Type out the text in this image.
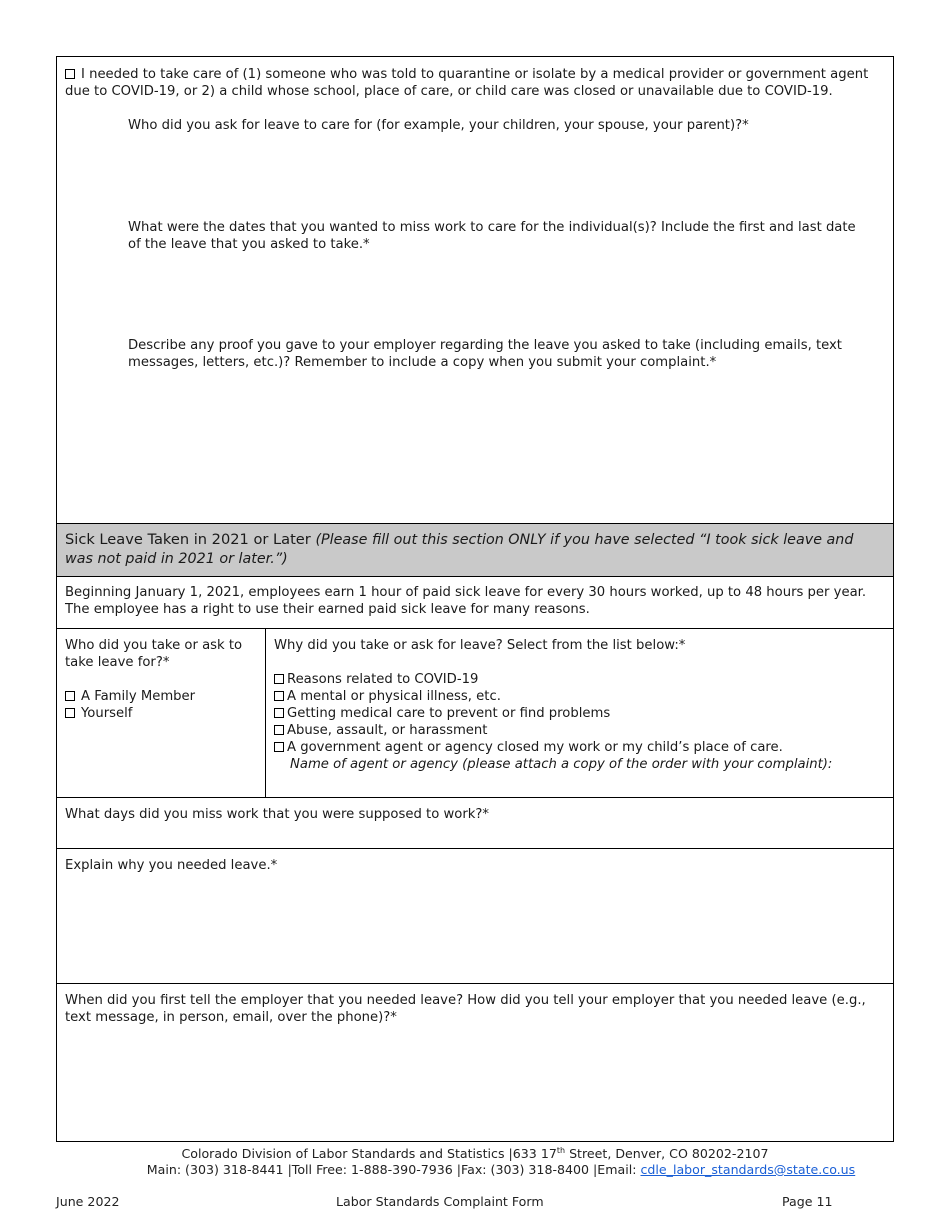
I needed to take care of (1) someone who was told to quarantine or isolate by a medical provider or government agent due to COVID-19, or 2) a child whose school, place of care, or child care was closed or unavailable due to COVID-19.

Who did you ask for leave to care for (for example, your children, your spouse, your parent)?*

What were the dates that you wanted to miss work to care for the individual(s)? Include the first and last date of the leave that you asked to take.*

Describe any proof you gave to your employer regarding the leave you asked to take (including emails, text messages, letters, etc.)? Remember to include a copy when you submit your complaint.*

Sick Leave Taken in 2021 or Later (Please fill out this section ONLY if you have selected “I took sick leave and was not paid in 2021 or later.”)

Beginning January 1, 2021, employees earn 1 hour of paid sick leave for every 30 hours worked, up to 48 hours per year. The employee has a right to use their earned paid sick leave for many reasons.

Who did you take or ask to take leave for?*

A Family Member

Yourself

Why did you take or ask for leave? Select from the list below:*

Reasons related to COVID-19

A mental or physical illness, etc.

Getting medical care to prevent or find problems

Abuse, assault, or harassment

A government agent or agency closed my work or my child’s place of care.

Name of agent or agency (please attach a copy of the order with your complaint):

What days did you miss work that you were supposed to work?*

Explain why you needed leave.*

When did you first tell the employer that you needed leave? How did you tell your employer that you needed leave (e.g., text message, in person, email, over the phone)?*

Colorado Division of Labor Standards and Statistics |633 17th Street, Denver, CO 80202-2107
Main: (303) 318-8441 |Toll Free: 1-888-390-7936 |Fax: (303) 318-8400 |Email: cdle_labor_standards@state.co.us
June 2022	Labor Standards Complaint Form	Page 11
